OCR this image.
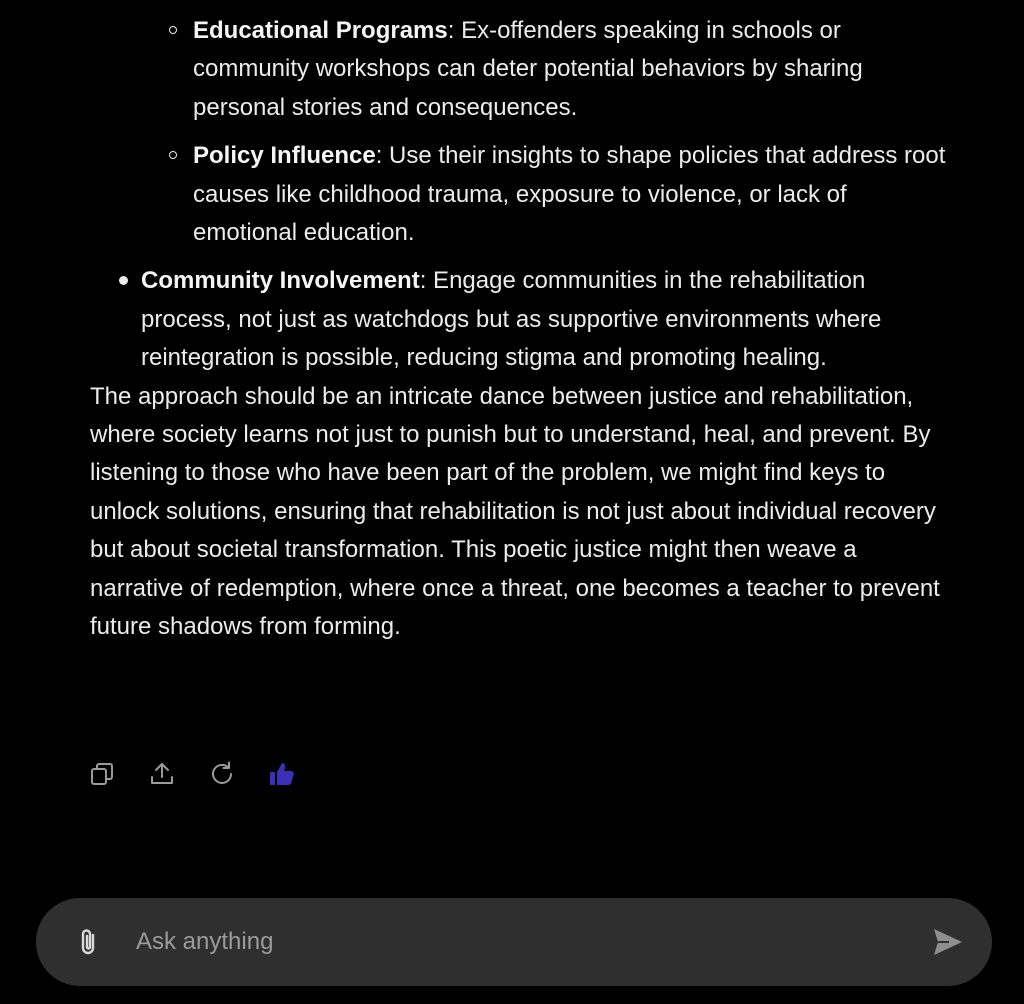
Educational Programs: Ex-offenders speaking in schools or community workshops can deter potential behaviors by sharing personal stories and consequences.
Policy Influence: Use their insights to shape policies that address root causes like childhood trauma, exposure to violence, or lack of emotional education.
Community Involvement: Engage communities in the rehabilitation process, not just as watchdogs but as supportive environments where reintegration is possible, reducing stigma and promoting healing.

The approach should be an intricate dance between justice and rehabilitation, where society learns not just to punish but to understand, heal, and prevent. By listening to those who have been part of the problem, we might find keys to unlock solutions, ensuring that rehabilitation is not just about individual recovery but about societal transformation. This poetic justice might then weave a narrative of redemption, where once a threat, one becomes a teacher to prevent future shadows from forming.

Ask anything
